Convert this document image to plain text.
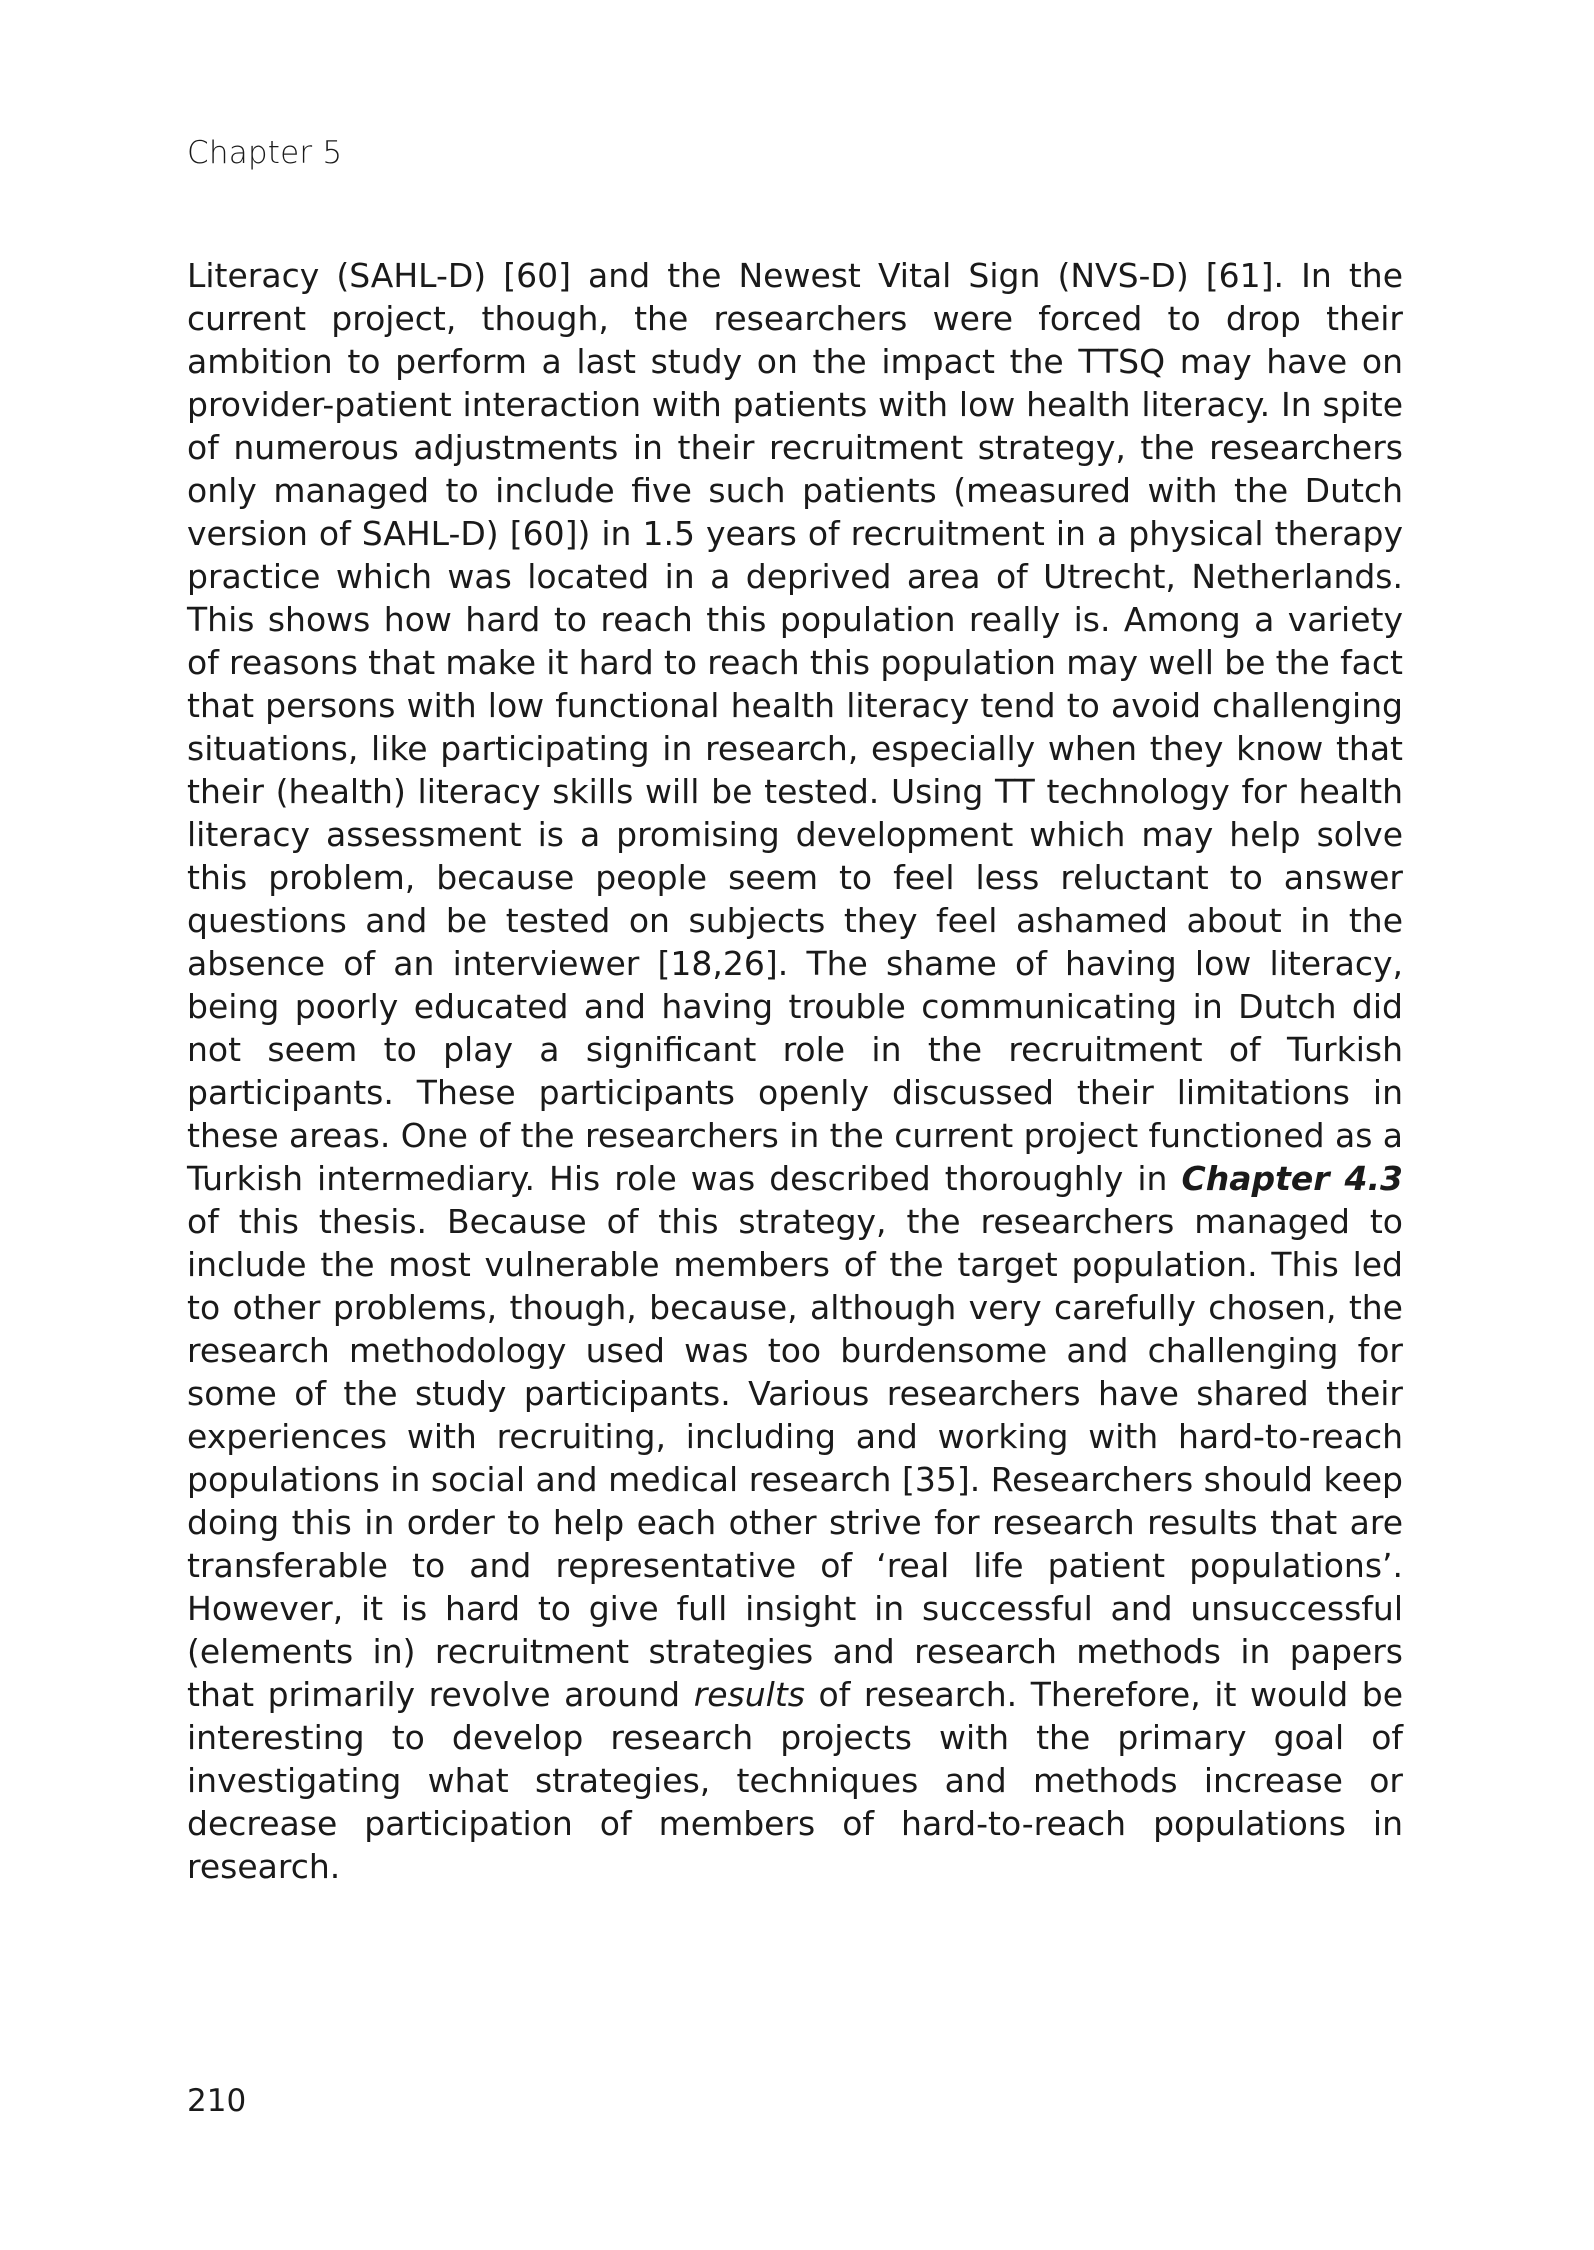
Chapter 5

Literacy (SAHL-D) [60] and the Newest Vital Sign (NVS-D) [61]. In the current project, though, the researchers were forced to drop their ambition to perform a last study on the impact the TTSQ may have on provider-patient interaction with patients with low health literacy. In spite of numerous adjustments in their recruitment strategy, the researchers only managed to include five such patients (measured with the Dutch version of SAHL-D) [60]) in 1.5 years of recruitment in a physical therapy practice which was located in a deprived area of Utrecht, Netherlands. This shows how hard to reach this population really is. Among a variety of reasons that make it hard to reach this population may well be the fact that persons with low functional health literacy tend to avoid challenging situations, like participating in research, especially when they know that their (health) literacy skills will be tested. Using TT technology for health literacy assessment is a promising development which may help solve this problem, because people seem to feel less reluctant to answer questions and be tested on subjects they feel ashamed about in the absence of an interviewer [18,26]. The shame of having low literacy, being poorly educated and having trouble communicating in Dutch did not seem to play a significant role in the recruitment of Turkish participants. These participants openly discussed their limitations in these areas. One of the researchers in the current project functioned as a Turkish intermediary. His role was described thoroughly in Chapter 4.3 of this thesis. Because of this strategy, the researchers managed to include the most vulnerable members of the target population. This led to other problems, though, because, although very carefully chosen, the research methodology used was too burdensome and challenging for some of the study participants. Various researchers have shared their experiences with recruiting, including and working with hard-to-reach populations in social and medical research [35]. Researchers should keep doing this in order to help each other strive for research results that are transferable to and representative of ‘real life patient populations’. However, it is hard to give full insight in successful and unsuccessful (elements in) recruitment strategies and research methods in papers that primarily revolve around results of research. Therefore, it would be interesting to develop research projects with the primary goal of investigating what strategies, techniques and methods increase or decrease participation of members of hard-to-reach populations in research.

210
